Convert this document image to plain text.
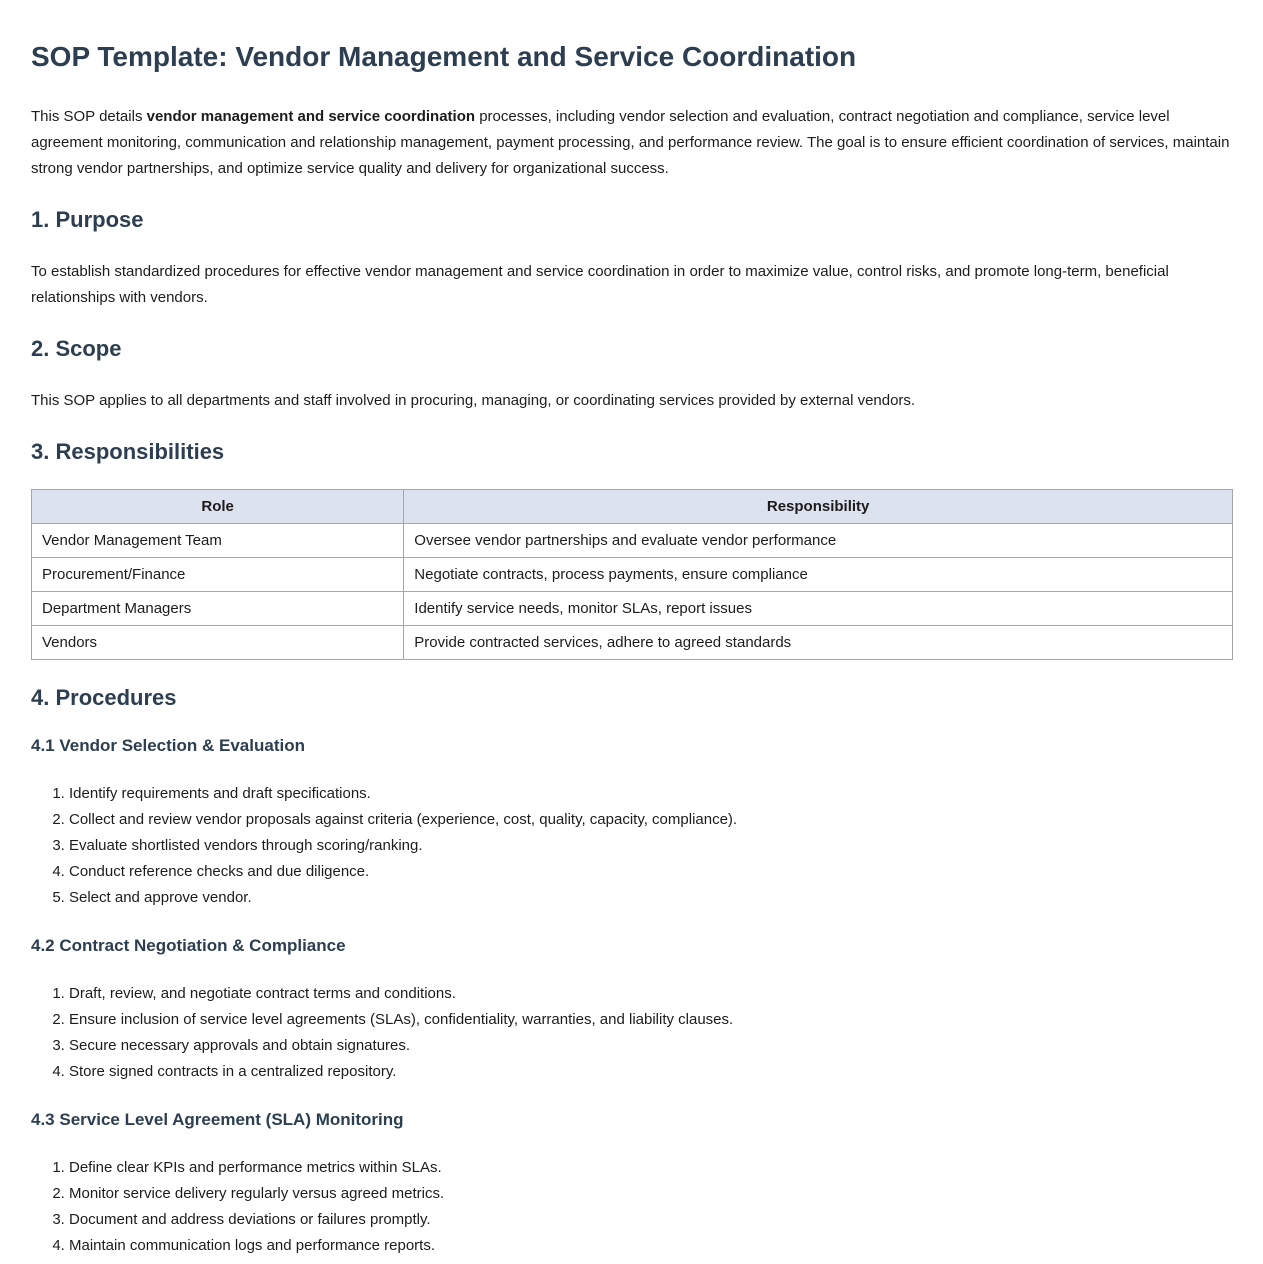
SOP Template: Vendor Management and Service Coordination

This SOP details vendor management and service coordination processes, including vendor selection and evaluation, contract negotiation and compliance, service level agreement monitoring, communication and relationship management, payment processing, and performance review. The goal is to ensure efficient coordination of services, maintain strong vendor partnerships, and optimize service quality and delivery for organizational success.

1. Purpose

To establish standardized procedures for effective vendor management and service coordination in order to maximize value, control risks, and promote long-term, beneficial relationships with vendors.

2. Scope

This SOP applies to all departments and staff involved in procuring, managing, or coordinating services provided by external vendors.

3. Responsibilities
Role	Responsibility
Vendor Management Team	Oversee vendor partnerships and evaluate vendor performance
Procurement/Finance	Negotiate contracts, process payments, ensure compliance
Department Managers	Identify service needs, monitor SLAs, report issues
Vendors	Provide contracted services, adhere to agreed standards
4. Procedures
4.1 Vendor Selection & Evaluation
1. Identify requirements and draft specifications.
2. Collect and review vendor proposals against criteria (experience, cost, quality, capacity, compliance).
3. Evaluate shortlisted vendors through scoring/ranking.
4. Conduct reference checks and due diligence.
5. Select and approve vendor.
4.2 Contract Negotiation & Compliance
1. Draft, review, and negotiate contract terms and conditions.
2. Ensure inclusion of service level agreements (SLAs), confidentiality, warranties, and liability clauses.
3. Secure necessary approvals and obtain signatures.
4. Store signed contracts in a centralized repository.
4.3 Service Level Agreement (SLA) Monitoring
1. Define clear KPIs and performance metrics within SLAs.
2. Monitor service delivery regularly versus agreed metrics.
3. Document and address deviations or failures promptly.
4. Maintain communication logs and performance reports.
